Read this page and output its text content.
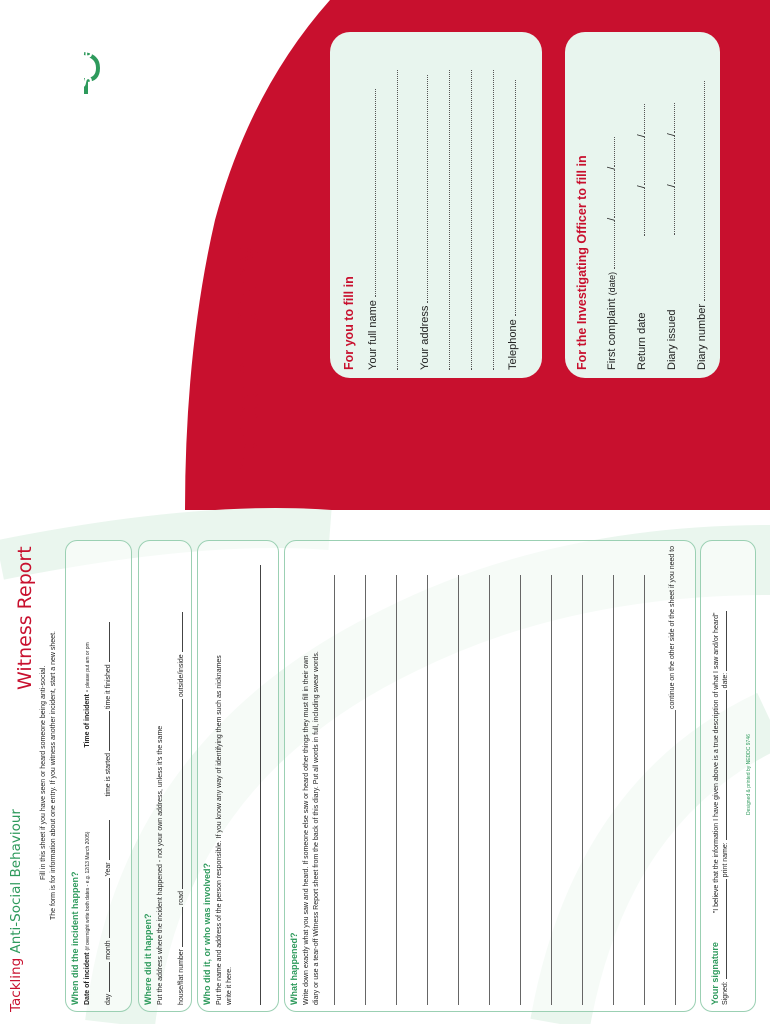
North East Derbyshire Community Safety Partnership
Tackling Anti-Social Behaviour Incident Diary	For you to fill in	Your full name	Your address	Telephone	For the Investigating Officer to fill in	First complaint (date) //
Return date  //
Diary issued  //
Diary number
Tackling Anti-Social Behaviour
Witness Report
Fill in this sheet if you have seen or heard someone being anti-social. The form is for information about one entry. If you witness another incident, start a new sheet.
When did the incident happen? Date of incident (if overnight write both dates - e.g. 12/13 March 2005)  Time of incident - please put am or pm
day  month  Year   time is started  time it finished
Where did it happen? Put the address where the incident happened - not your own address, unless it's the same	house/flat number  road  outside/inside
Who did it, or who was involved? Put the name and address of the person responsible. If you know any way of identifying them such as nicknames write it here.	What happened? Write down exactly what you saw and heard. If someone else saw or heard other things they must fill in their own diary or use a tear-off Witness Report sheet from the back of this diary. Put all words in full, including swear words.
continue on the other side of the sheet if you need to
Your signature  "I believe that the information I have given above is a true description of what I saw and/or heard"
Signed:  print name:  date:
Designed & printed by NEDDC 9746
